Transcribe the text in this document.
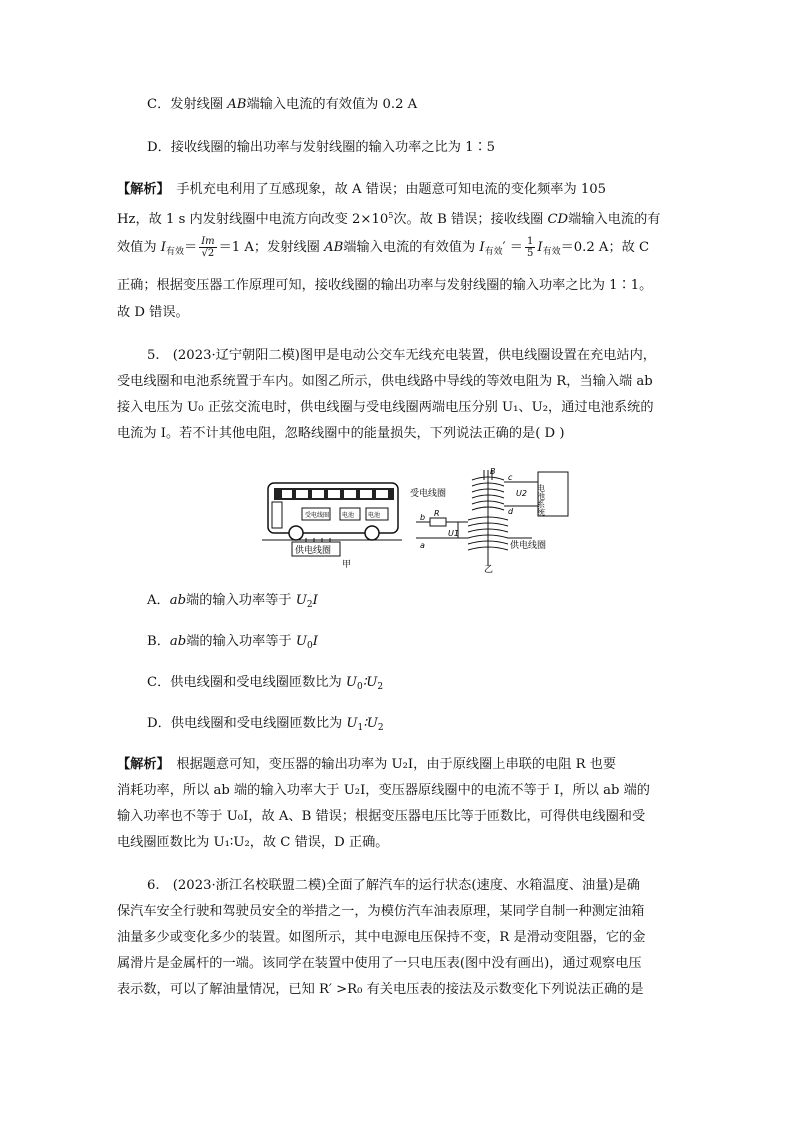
C．发射线圈 AB端输入电流的有效值为 0.2 A
D．接收线圈的输出功率与发射线圈的输入功率之比为 1∶5
【解析】　手机充电利用了互感现象，故 A 错误；由题意可知电流的变化频率为 105
Hz，故 1 s 内发射线圈中电流方向改变 $2\times 10^5$次。故 B 错误；接收线圈 CD端输入电流的有
效值为 $I_{有效}= \frac{Im}{√2} =1$ A；发射线圈 AB端输入电流的有效值为 $I_{有效}' = \frac{1}{5} I_{有效}=0.2$ A；故 C
正确；根据变压器工作原理可知，接收线圈的输出功率与发射线圈的输入功率之比为 1∶1。
故 D 错误。
5.　(2023·辽宁朝阳二模)图甲是电动公交车无线充电装置，供电线圈设置在充电站内，
受电线圈和电池系统置于车内。如图乙所示，供电线路中导线的等效电阻为 R，当输入端 ab
接入电压为 U₀ 正弦交流电时，供电线圈与受电线圈两端电压分别 U₁、U₂，通过电池系统的
电流为 I。若不计其他电阻，忽略线圈中的能量损失，下列说法正确的是( D )
受电线圈 电池 电池
供电线圈
甲
受电线圈
供电线圈
电池系统
B
c
d
U2
U1
b
a
R
乙
A．ab端的输入功率等于 $U_2I$
B．ab端的输入功率等于 $U_0I$
C．供电线圈和受电线圈匝数比为 $U_0∶U_2$
D．供电线圈和受电线圈匝数比为 $U_1∶U_2$
【解析】　根据题意可知，变压器的输出功率为 U₂I，由于原线圈上串联的电阻 R 也要
消耗功率，所以 ab 端的输入功率大于 U₂I，变压器原线圈中的电流不等于 I，所以 ab 端的
输入功率也不等于 U₀I，故 A、B 错误；根据变压器电压比等于匝数比，可得供电线圈和受
电线圈匝数比为 U₁∶U₂，故 C 错误，D 正确。
6.　(2023·浙江名校联盟二模)全面了解汽车的运行状态(速度、水箱温度、油量)是确
保汽车安全行驶和驾驶员安全的举措之一，为模仿汽车油表原理，某同学自制一种测定油箱
油量多少或变化多少的装置。如图所示，其中电源电压保持不变，R 是滑动变阻器，它的金
属滑片是金属杆的一端。该同学在装置中使用了一只电压表(图中没有画出)，通过观察电压
表示数，可以了解油量情况，已知 R′ >R₀ 有关电压表的接法及示数变化下列说法正确的是
